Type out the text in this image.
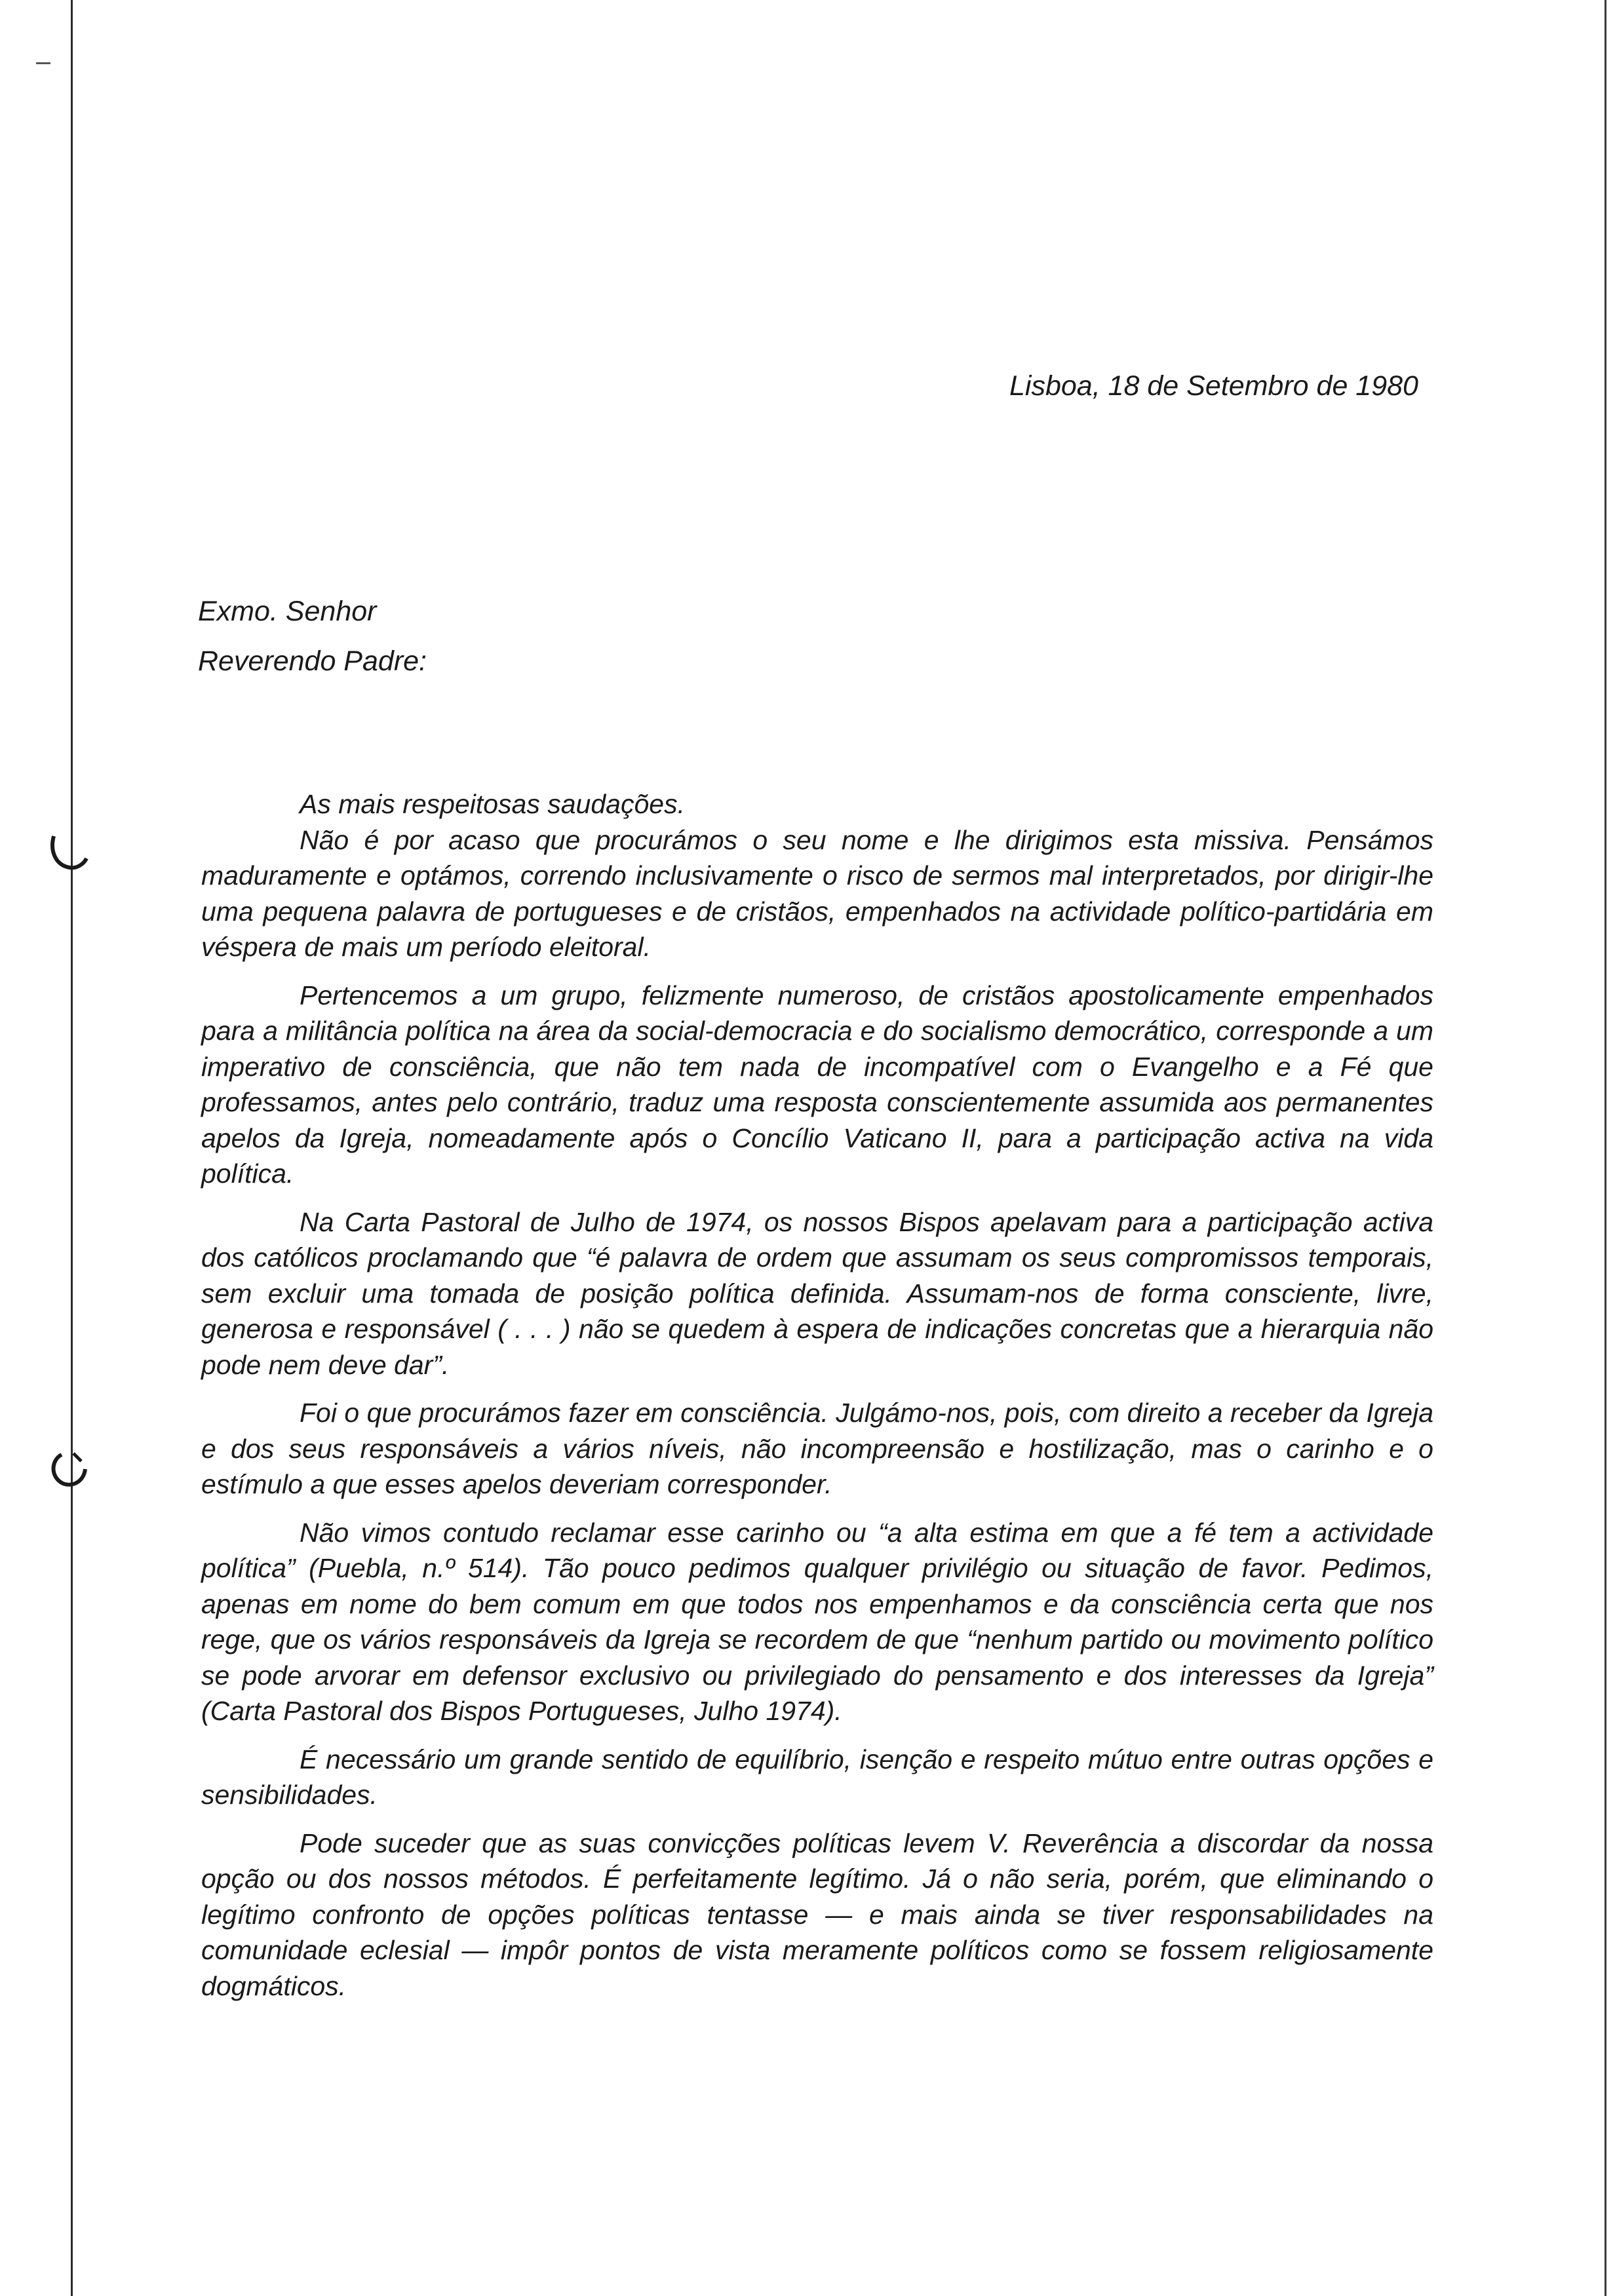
Lisboa, 18 de Setembro de 1980
Exmo. Senhor
Reverendo Padre:

As mais respeitosas saudações.

Não é por acaso que procurámos o seu nome e lhe dirigimos esta missiva. Pensámos maduramente e optámos, correndo inclusivamente o risco de sermos mal interpretados, por dirigir-lhe uma pequena palavra de portugueses e de cristãos, empenhados na actividade político-partidária em véspera de mais um período eleitoral.

Pertencemos a um grupo, felizmente numeroso, de cristãos apostolicamente empenhados para a militância política na área da social-democracia e do socialismo democrático, corresponde a um imperativo de consciência, que não tem nada de incompatível com o Evangelho e a Fé que professamos, antes pelo contrário, traduz uma resposta conscientemente assumida aos permanentes apelos da Igreja, nomeadamente após o Concílio Vaticano II, para a participação activa na vida política.

Na Carta Pastoral de Julho de 1974, os nossos Bispos apelavam para a participação activa dos católicos proclamando que “é palavra de ordem que assumam os seus compromissos temporais, sem excluir uma tomada de posição política definida. Assumam-nos de forma consciente, livre, generosa e responsável ( . . . ) não se quedem à espera de indicações concretas que a hierarquia não pode nem deve dar”.

Foi o que procurámos fazer em consciência. Julgámo-nos, pois, com direito a receber da Igreja e dos seus responsáveis a vários níveis, não incompreensão e hostilização, mas o carinho e o estímulo a que esses apelos deveriam corresponder.

Não vimos contudo reclamar esse carinho ou “a alta estima em que a fé tem a actividade política” (Puebla, n.º 514). Tão pouco pedimos qualquer privilégio ou situação de favor. Pedimos, apenas em nome do bem comum em que todos nos empenhamos e da consciência certa que nos rege, que os vários responsáveis da Igreja se recordem de que “nenhum partido ou movimento político se pode arvorar em defensor exclusivo ou privilegiado do pensamento e dos interesses da Igreja” (Carta Pastoral dos Bispos Portugueses, Julho 1974).

É necessário um grande sentido de equilíbrio, isenção e respeito mútuo entre outras opções e sensibilidades.

Pode suceder que as suas convicções políticas levem V. Reverência a discordar da nossa opção ou dos nossos métodos. É perfeitamente legítimo. Já o não seria, porém, que eliminando o legítimo confronto de opções políticas tentasse — e mais ainda se tiver responsabilidades na comunidade eclesial — impôr pontos de vista meramente políticos como se fossem religiosamente dogmáticos.
